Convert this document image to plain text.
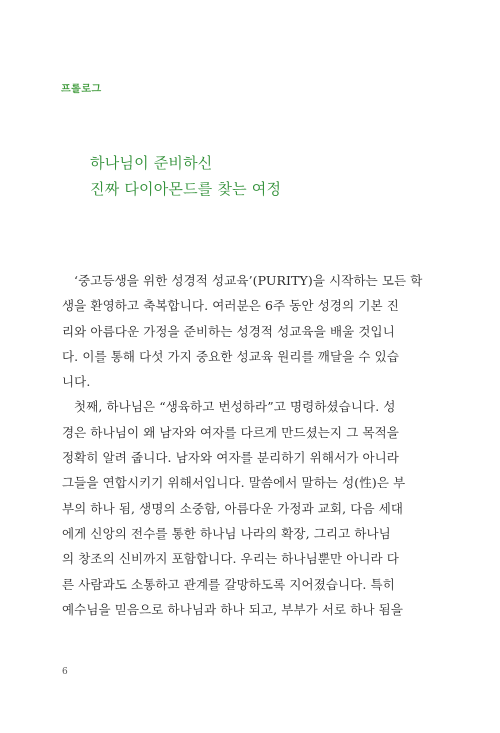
프롤로그
하나님이 준비하신
진짜 다이아몬드를 찾는 여정
‘중고등생을 위한 성경적 성교육’(PURITY)을 시작하는 모든 학
생을 환영하고 축복합니다. 여러분은 6주 동안 성경의 기본 진
리와 아름다운 가정을 준비하는 성경적 성교육을 배울 것입니
다. 이를 통해 다섯 가지 중요한 성교육 원리를 깨달을 수 있습
니다.
첫째, 하나님은 “생육하고 번성하라”고 명령하셨습니다. 성
경은 하나님이 왜 남자와 여자를 다르게 만드셨는지 그 목적을
정확히 알려 줍니다. 남자와 여자를 분리하기 위해서가 아니라
그들을 연합시키기 위해서입니다. 말씀에서 말하는 성(性)은 부
부의 하나 됨, 생명의 소중함, 아름다운 가정과 교회, 다음 세대
에게 신앙의 전수를 통한 하나님 나라의 확장, 그리고 하나님
의 창조의 신비까지 포함합니다. 우리는 하나님뿐만 아니라 다
른 사람과도 소통하고 관계를 갈망하도록 지어졌습니다. 특히
예수님을 믿음으로 하나님과 하나 되고, 부부가 서로 하나 됨을
6
